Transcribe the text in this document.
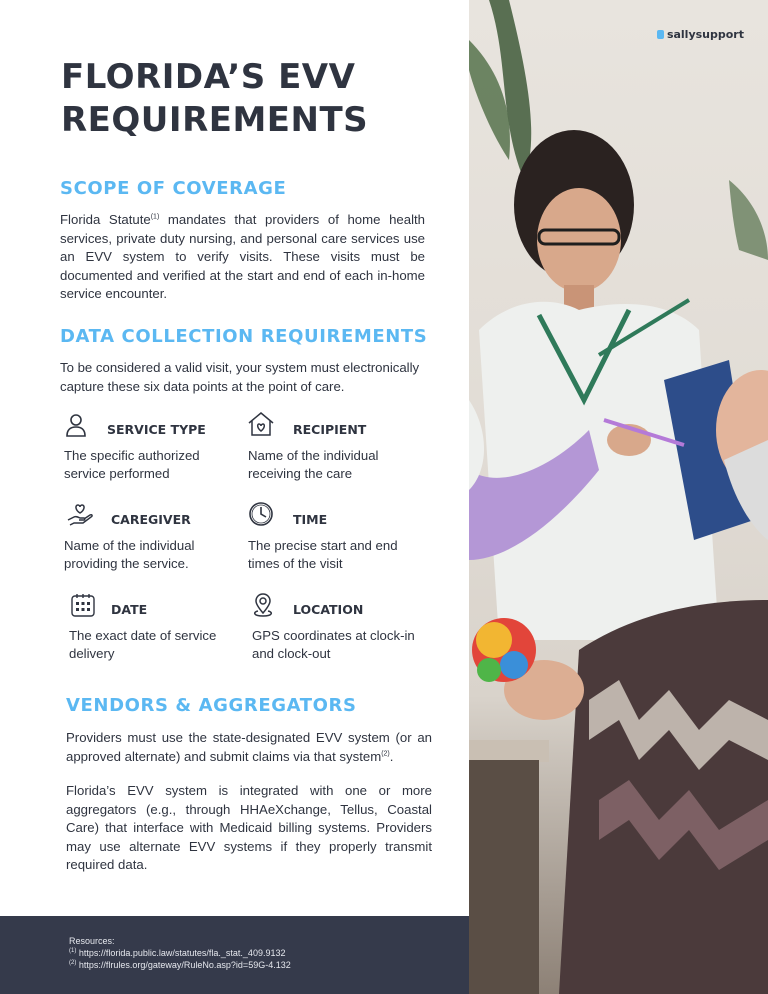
sallysupport
FLORIDA’S EVV REQUIREMENTS
SCOPE OF COVERAGE

Florida Statute$^{(1)}$ mandates that providers of home health services, private duty nursing, and personal care services use an EVV system to verify visits. These visits must be documented and verified at the start and end of each in-home service encounter.

DATA COLLECTION REQUIREMENTS

To be considered a valid visit, your system must electronically capture these six data points at the point of care.

SERVICE TYPE
The specific authorized service performed
RECIPIENT
Name of the individual receiving the care
CAREGIVER
Name of the individual providing the service.
TIME
The precise start and end times of the visit
DATE
The exact date of service delivery
LOCATION
GPS coordinates at clock-in and clock-out
VENDORS & AGGREGATORS

Providers must use the state-designated EVV system (or an approved alternate) and submit claims via that system$^{(2)}$.

Florida’s EVV system is integrated with one or more aggregators (e.g., through HHAeXchange, Tellus, Coastal Care) that interface with Medicaid billing systems. Providers may use alternate EVV systems if they properly transmit required data.

Resources:
$^{(1)}$ https://florida.public.law/statutes/fla._stat._409.9132
$^{(2)}$ https://flrules.org/gateway/RuleNo.asp?id=59G-4.132
